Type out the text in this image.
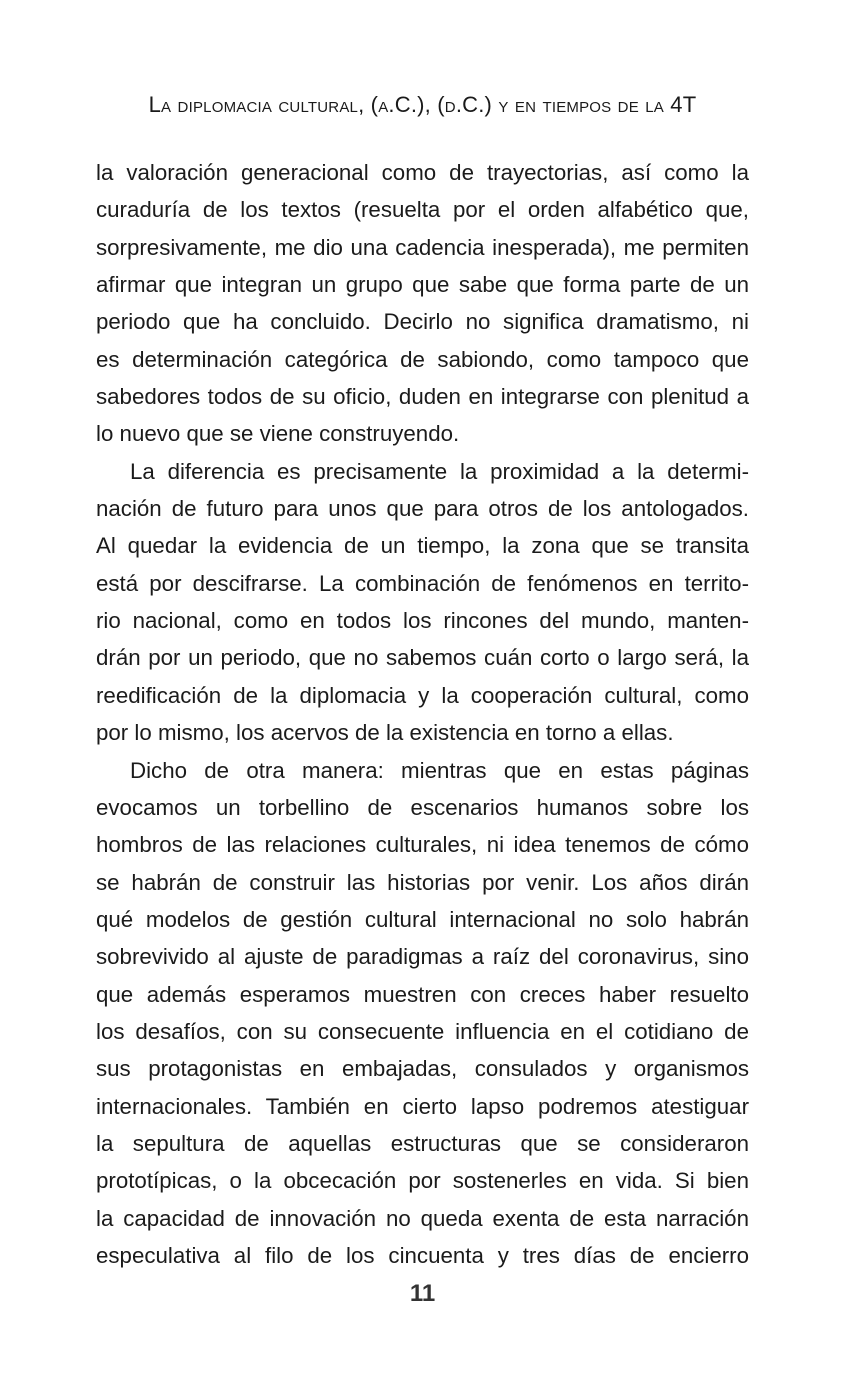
La diplomacia cultural, (a.C.), (d.C.) y en tiempos de la 4T
la valoración generacional como de trayectorias, así como la
curaduría de los textos (resuelta por el orden alfabético que,
sorpresivamente, me dio una cadencia inesperada), me permiten
afirmar que integran un grupo que sabe que forma parte de un
periodo que ha concluido. Decirlo no significa dramatismo, ni
es determinación categórica de sabiondo, como tampoco que
sabedores todos de su oficio, duden en integrarse con plenitud a
lo nuevo que se viene construyendo.
La diferencia es precisamente la proximidad a la determi-
nación de futuro para unos que para otros de los antologados.
Al quedar la evidencia de un tiempo, la zona que se transita
está por descifrarse. La combinación de fenómenos en territo-
rio nacional, como en todos los rincones del mundo, manten-
drán por un periodo, que no sabemos cuán corto o largo será, la
reedificación de la diplomacia y la cooperación cultural, como
por lo mismo, los acervos de la existencia en torno a ellas.
Dicho de otra manera: mientras que en estas páginas
evocamos un torbellino de escenarios humanos sobre los
hombros de las relaciones culturales, ni idea tenemos de cómo
se habrán de construir las historias por venir. Los años dirán
qué modelos de gestión cultural internacional no solo habrán
sobrevivido al ajuste de paradigmas a raíz del coronavirus, sino
que además esperamos muestren con creces haber resuelto
los desafíos, con su consecuente influencia en el cotidiano de
sus protagonistas en embajadas, consulados y organismos
internacionales. También en cierto lapso podremos atestiguar
la sepultura de aquellas estructuras que se consideraron
prototípicas, o la obcecación por sostenerles en vida. Si bien
la capacidad de innovación no queda exenta de esta narración
especulativa al filo de los cincuenta y tres días de encierro
11
